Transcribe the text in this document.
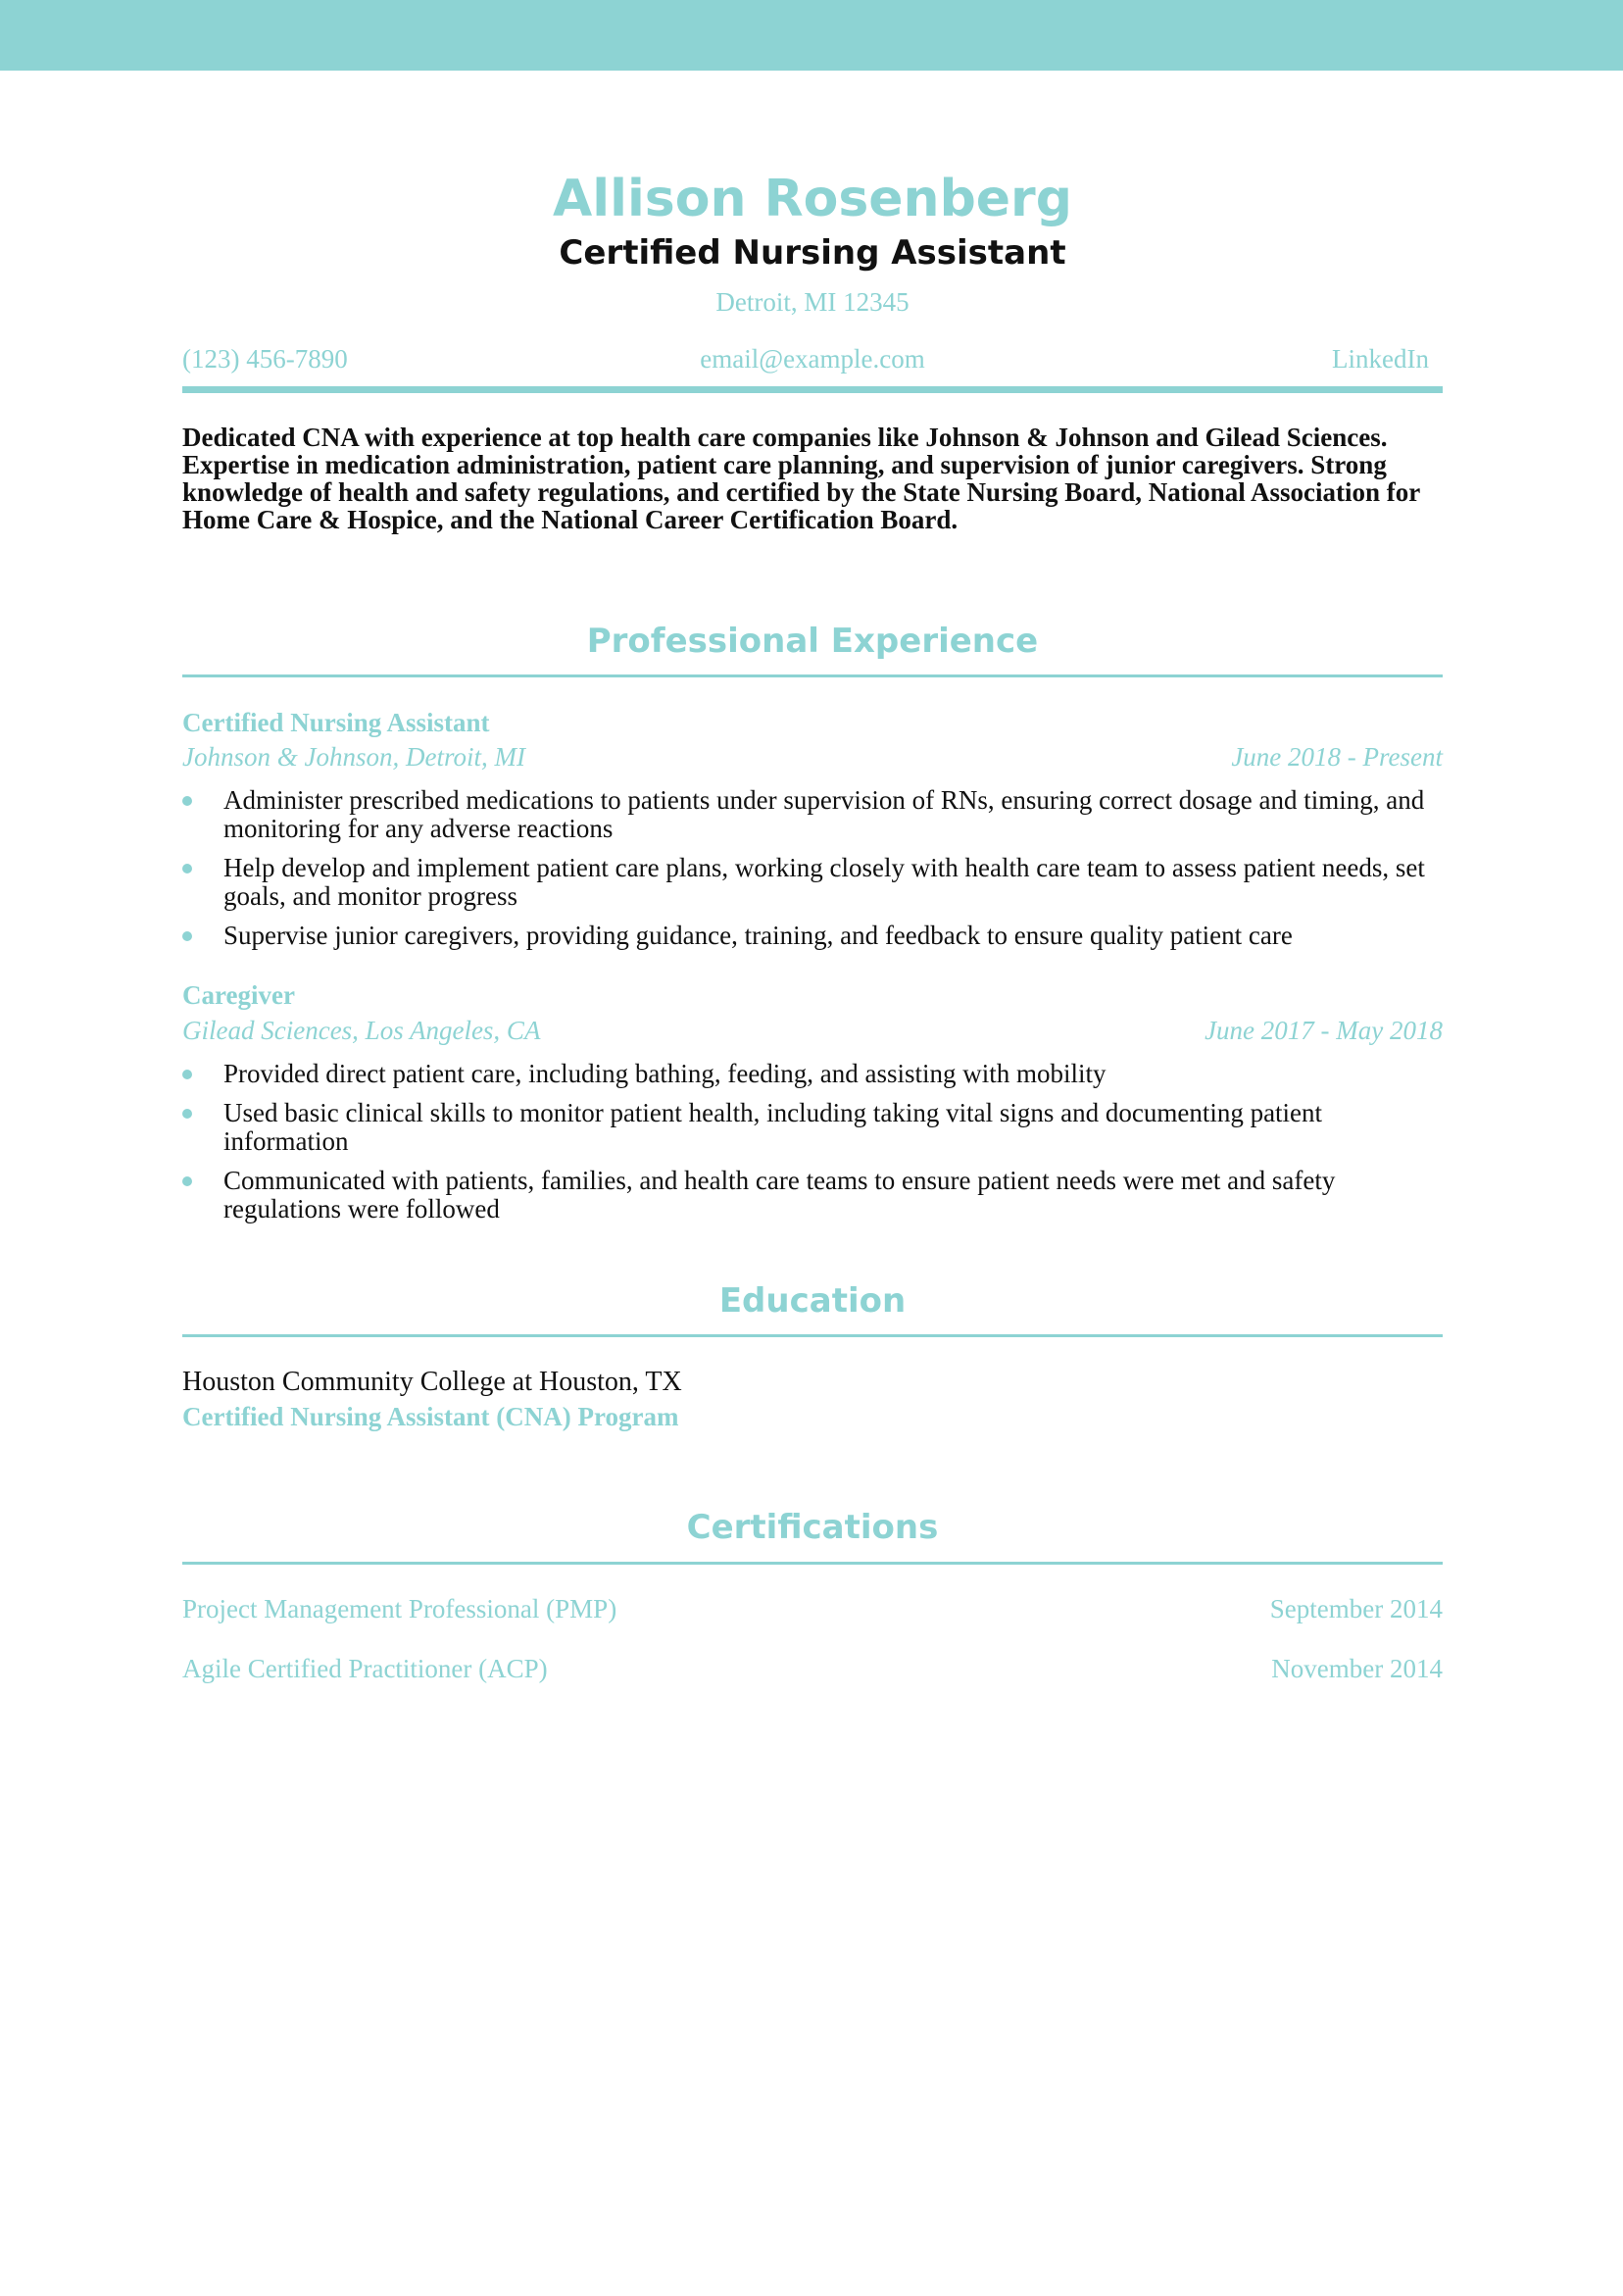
Allison Rosenberg
Certified Nursing Assistant
Detroit, MI 12345
(123) 456-7890	email@example.com	LinkedIn
Dedicated CNA with experience at top health care companies like Johnson & Johnson and Gilead Sciences. Expertise in medication administration, patient care planning, and supervision of junior caregivers. Strong knowledge of health and safety regulations, and certified by the State Nursing Board, National Association for Home Care & Hospice, and the National Career Certification Board.
Professional Experience
Certified Nursing Assistant
Johnson & Johnson, Detroit, MI	June 2018 - Present
Administer prescribed medications to patients under supervision of RNs, ensuring correct dosage and timing, and monitoring for any adverse reactions
Help develop and implement patient care plans, working closely with health care team to assess patient needs, set goals, and monitor progress
Supervise junior caregivers, providing guidance, training, and feedback to ensure quality patient care
Caregiver
Gilead Sciences, Los Angeles, CA	June 2017 - May 2018
Provided direct patient care, including bathing, feeding, and assisting with mobility
Used basic clinical skills to monitor patient health, including taking vital signs and documenting patient information
Communicated with patients, families, and health care teams to ensure patient needs were met and safety regulations were followed
Education
Houston Community College at Houston, TX
Certified Nursing Assistant (CNA) Program
Certifications
Project Management Professional (PMP)	September 2014
Agile Certified Practitioner (ACP)	November 2014
